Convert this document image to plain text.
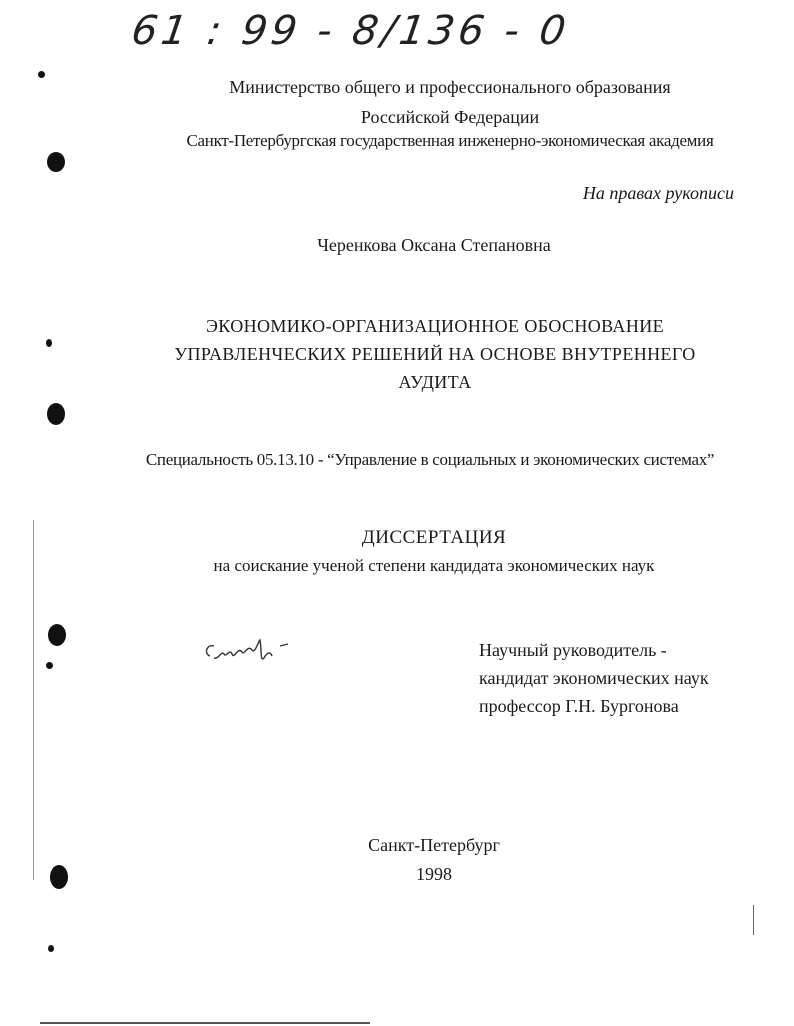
61 : 99 - 8/136 - 0
Министерство общего и профессионального образования
Российской Федерации
Санкт-Петербургская государственная инженерно-экономическая академия
На правах рукописи
Черенкова Оксана Степановна
ЭКОНОМИКО-ОРГАНИЗАЦИОННОЕ ОБОСНОВАНИЕ
УПРАВЛЕНЧЕСКИХ РЕШЕНИЙ НА ОСНОВЕ ВНУТРЕННЕГО
АУДИТА
Специальность 05.13.10 - “Управление в социальных и экономических системах”
ДИССЕРТАЦИЯ
на соискание ученой степени кандидата экономических наук
Научный руководитель -
кандидат экономических наук
профессор Г.Н. Бургонова
Санкт-Петербург
1998
